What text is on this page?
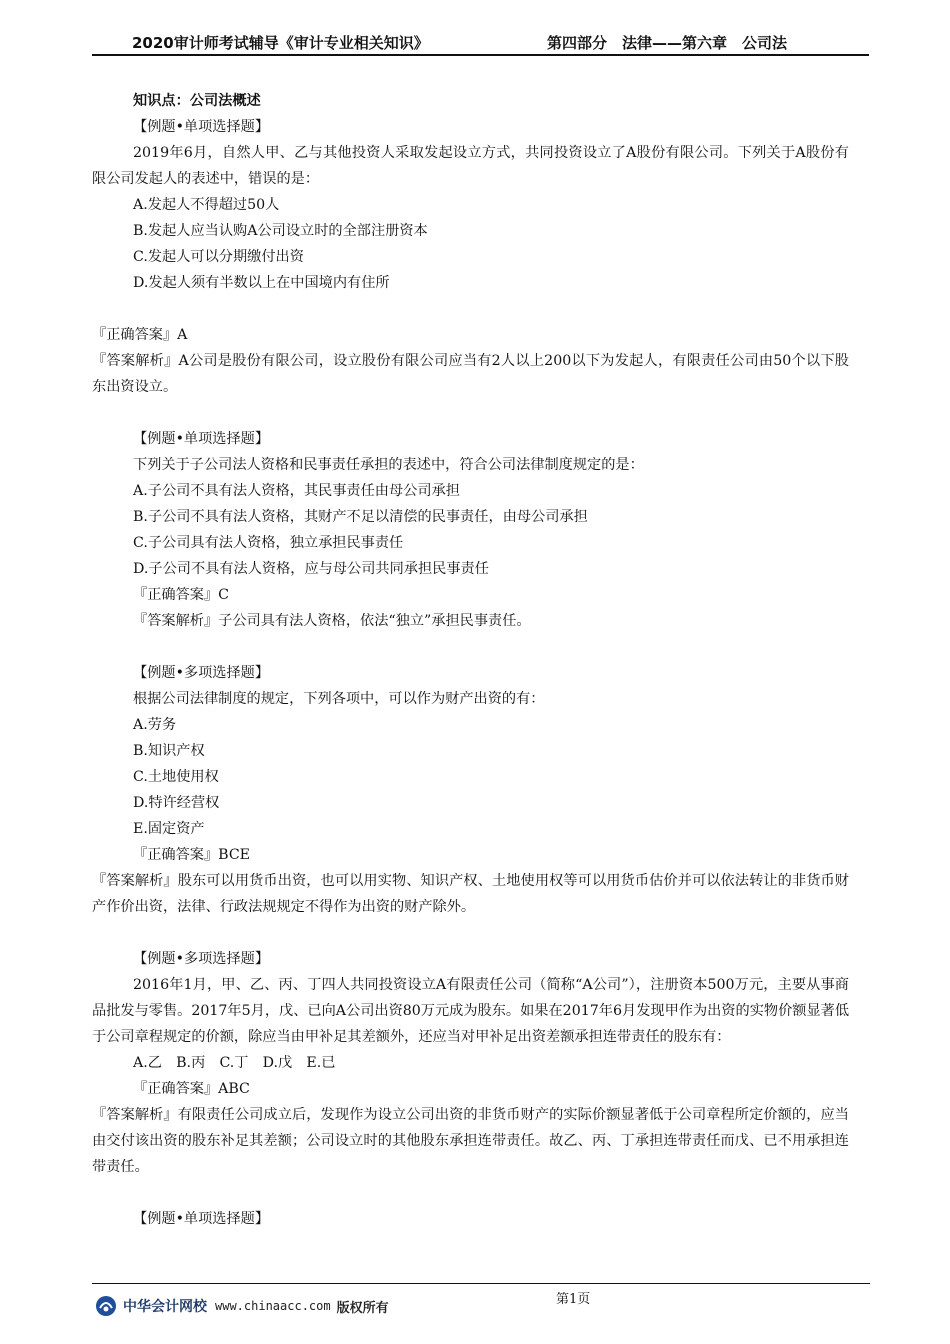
2020审计师考试辅导《审计专业相关知识》	第四部分　法律——第六章　公司法
知识点：公司法概述
【例题•单项选择题】
2019年6月，自然人甲、乙与其他投资人采取发起设立方式，共同投资设立了A股份有限公司。下列关于A股份有限公司发起人的表述中，错误的是：
A.发起人不得超过50人
B.发起人应当认购A公司设立时的全部注册资本
C.发起人可以分期缴付出资
D.发起人须有半数以上在中国境内有住所
『正确答案』A
『答案解析』A公司是股份有限公司，设立股份有限公司应当有2人以上200以下为发起人，有限责任公司由50个以下股东出资设立。
【例题•单项选择题】
下列关于子公司法人资格和民事责任承担的表述中，符合公司法律制度规定的是：
A.子公司不具有法人资格，其民事责任由母公司承担
B.子公司不具有法人资格，其财产不足以清偿的民事责任，由母公司承担
C.子公司具有法人资格，独立承担民事责任
D.子公司不具有法人资格，应与母公司共同承担民事责任
『正确答案』C
『答案解析』子公司具有法人资格，依法“独立”承担民事责任。
【例题•多项选择题】
根据公司法律制度的规定，下列各项中，可以作为财产出资的有：
A.劳务
B.知识产权
C.土地使用权
D.特许经营权
E.固定资产
『正确答案』BCE
『答案解析』股东可以用货币出资，也可以用实物、知识产权、土地使用权等可以用货币估价并可以依法转让的非货币财产作价出资，法律、行政法规规定不得作为出资的财产除外。
【例题•多项选择题】
2016年1月，甲、乙、丙、丁四人共同投资设立A有限责任公司（简称“A公司”），注册资本500万元，主要从事商品批发与零售。2017年5月，戊、已向A公司出资80万元成为股东。如果在2017年6月发现甲作为出资的实物价额显著低于公司章程规定的价额，除应当由甲补足其差额外，还应当对甲补足出资差额承担连带责任的股东有：
A.乙　B.丙　C.丁　D.戊　E.已
『正确答案』ABC
『答案解析』有限责任公司成立后，发现作为设立公司出资的非货币财产的实际价额显著低于公司章程所定价额的，应当由交付该出资的股东补足其差额；公司设立时的其他股东承担连带责任。故乙、丙、丁承担连带责任而戊、已不用承担连带责任。
【例题•单项选择题】
第1页
中华会计网校 www.chinaacc.com 版权所有
